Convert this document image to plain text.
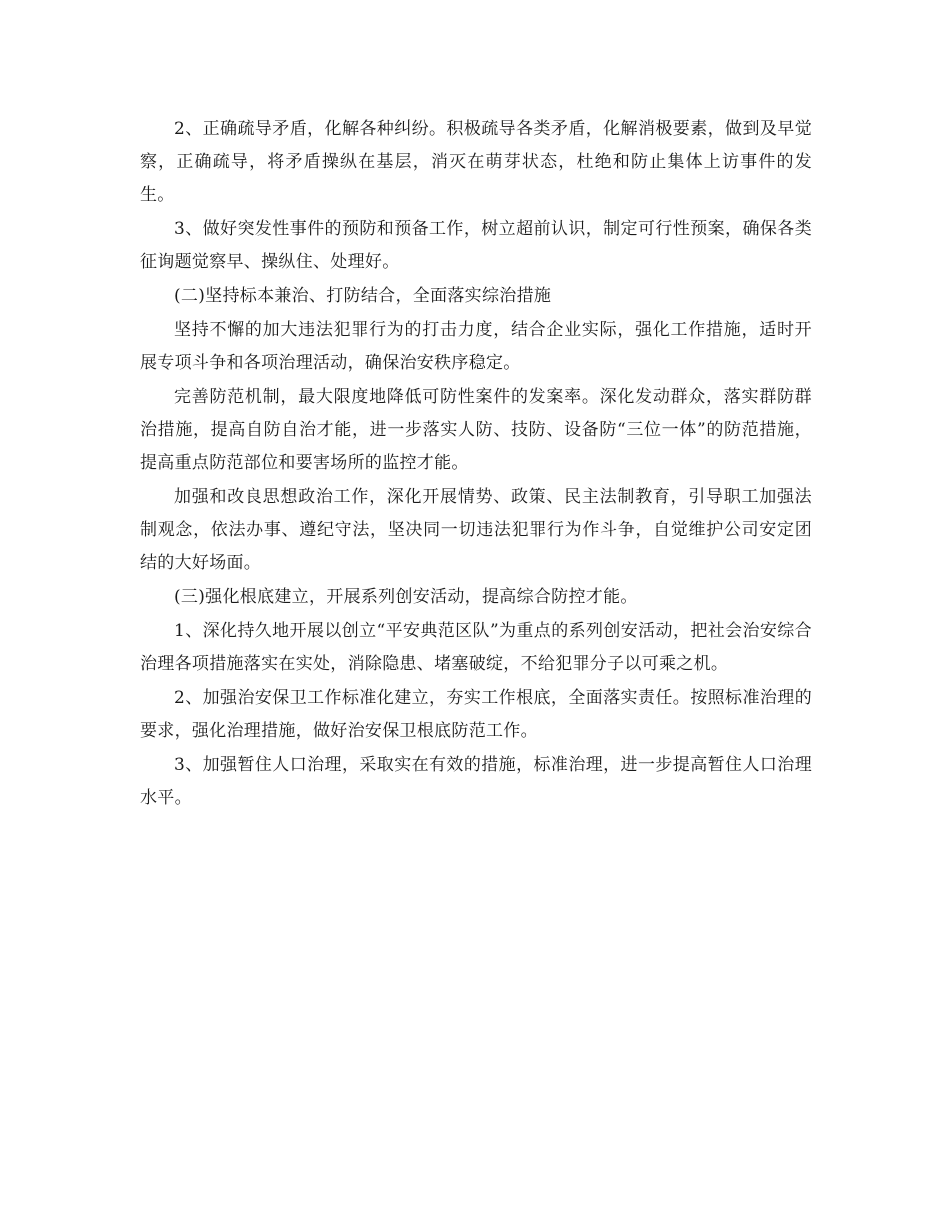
2、正确疏导矛盾，化解各种纠纷。积极疏导各类矛盾，化解消极要素，做到及早觉察，正确疏导，将矛盾操纵在基层，消灭在萌芽状态，杜绝和防止集体上访事件的发生。

3、做好突发性事件的预防和预备工作，树立超前认识，制定可行性预案，确保各类征询题觉察早、操纵住、处理好。

(二)坚持标本兼治、打防结合，全面落实综治措施

坚持不懈的加大违法犯罪行为的打击力度，结合企业实际，强化工作措施，适时开展专项斗争和各项治理活动，确保治安秩序稳定。

完善防范机制，最大限度地降低可防性案件的发案率。深化发动群众，落实群防群治措施，提高自防自治才能，进一步落实人防、技防、设备防“三位一体”的防范措施，提高重点防范部位和要害场所的监控才能。

加强和改良思想政治工作，深化开展情势、政策、民主法制教育，引导职工加强法制观念，依法办事、遵纪守法，坚决同一切违法犯罪行为作斗争，自觉维护公司安定团结的大好场面。

(三)强化根底建立，开展系列创安活动，提高综合防控才能。

1、深化持久地开展以创立“平安典范区队”为重点的系列创安活动，把社会治安综合治理各项措施落实在实处，消除隐患、堵塞破绽，不给犯罪分子以可乘之机。

2、加强治安保卫工作标准化建立，夯实工作根底，全面落实责任。按照标准治理的要求，强化治理措施，做好治安保卫根底防范工作。

3、加强暂住人口治理，采取实在有效的措施，标准治理，进一步提高暂住人口治理水平。
